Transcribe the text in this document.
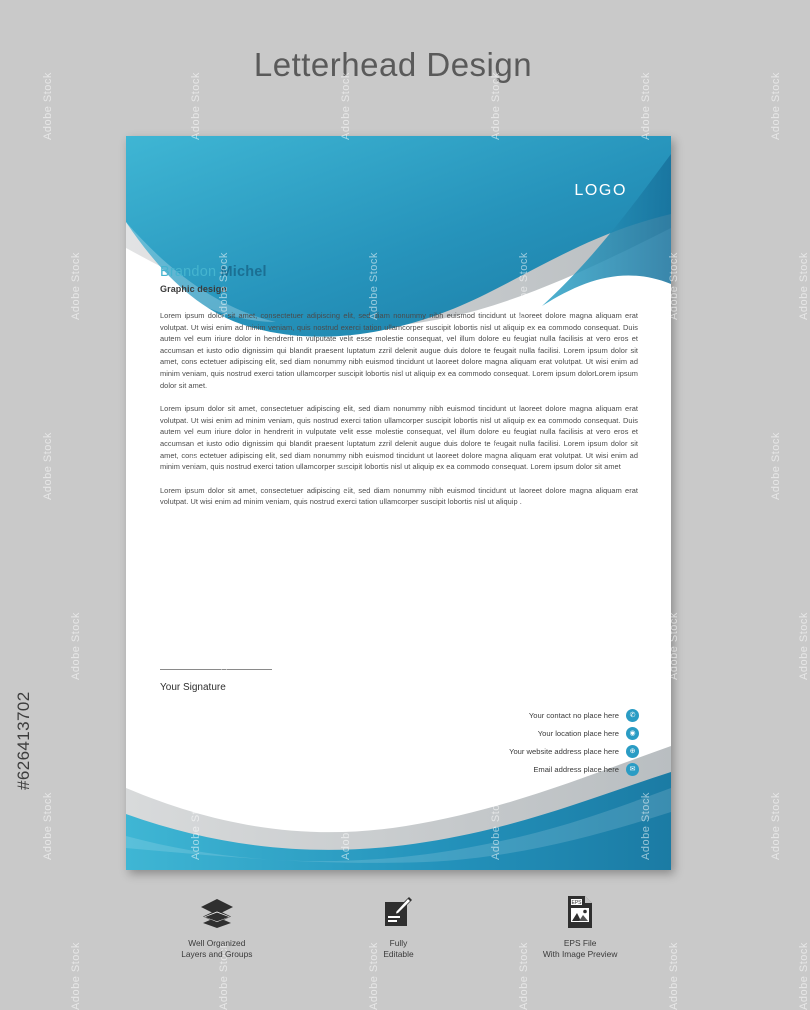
Letterhead Design
LOGO
Brandon Michel
Graphic design

Lorem ipsum dolor sit amet, consectetuer adipiscing elit, sed diam nonummy nibh euismod tincidunt ut laoreet dolore magna aliquam erat volutpat. Ut wisi enim ad minim veniam, quis nostrud exerci tation ullamcorper suscipit lobortis nisl ut aliquip ex ea commodo consequat. Duis autem vel eum iriure dolor in hendrerit in vulputate velit esse molestie consequat, vel illum dolore eu feugiat nulla facilisis at vero eros et accumsan et iusto odio dignissim qui blandit praesent luptatum zzril delenit augue duis dolore te feugait nulla facilisi. Lorem ipsum dolor sit amet, cons ectetuer adipiscing elit, sed diam nonummy nibh euismod tincidunt ut laoreet dolore magna aliquam erat volutpat. Ut wisi enim ad minim veniam, quis nostrud exerci tation ullamcorper suscipit lobortis nisl ut aliquip ex ea commodo consequat. Lorem ipsum dolorLorem ipsum dolor sit amet.

Lorem ipsum dolor sit amet, consectetuer adipiscing elit, sed diam nonummy nibh euismod tincidunt ut laoreet dolore magna aliquam erat volutpat. Ut wisi enim ad minim veniam, quis nostrud exerci tation ullamcorper suscipit lobortis nisl ut aliquip ex ea commodo consequat. Duis autem vel eum iriure dolor in hendrerit in vulputate velit esse molestie consequat, vel illum dolore eu feugiat nulla facilisis at vero eros et accumsan et iusto odio dignissim qui blandit praesent luptatum zzril delenit augue duis dolore te feugait nulla facilisi. Lorem ipsum dolor sit amet, cons ectetuer adipiscing elit, sed diam nonummy nibh euismod tincidunt ut laoreet dolore magna aliquam erat volutpat. Ut wisi enim ad minim veniam, quis nostrud exerci tation ullamcorper suscipit lobortis nisl ut aliquip ex ea commodo consequat. Lorem ipsum dolor sit amet

Lorem ipsum dolor sit amet, consectetuer adipiscing elit, sed diam nonummy nibh euismod tincidunt ut laoreet dolore magna aliquam erat volutpat. Ut wisi enim ad minim veniam, quis nostrud exerci tation ullamcorper suscipit lobortis nisl ut aliquip .

Your Signature
Your contact no place here	✆
Your location place here	◉
Your website address place here	⊕
Email address place here	✉
Well Organized
Layers and Groups
Fully
Editable
EPS
EPS File
With Image Preview
Adobe Stock
Adobe Stock
Adobe Stock
Adobe Stock
Adobe Stock
Adobe Stock
Adobe Stock
Adobe Stock
Adobe Stock
Adobe Stock
Adobe Stock
Adobe Stock
Adobe Stock
Adobe Stock
Adobe Stock
Adobe Stock
Adobe Stock
Adobe Stock
Adobe Stock
Adobe Stock
Adobe Stock
Adobe Stock
Adobe Stock
Adobe Stock
Adobe Stock
Adobe Stock
Adobe Stock
Adobe Stock
Adobe Stock
Adobe Stock
Adobe Stock
Adobe Stock
Adobe Stock
Adobe Stock
Adobe Stock
Adobe Stock
#626413702
